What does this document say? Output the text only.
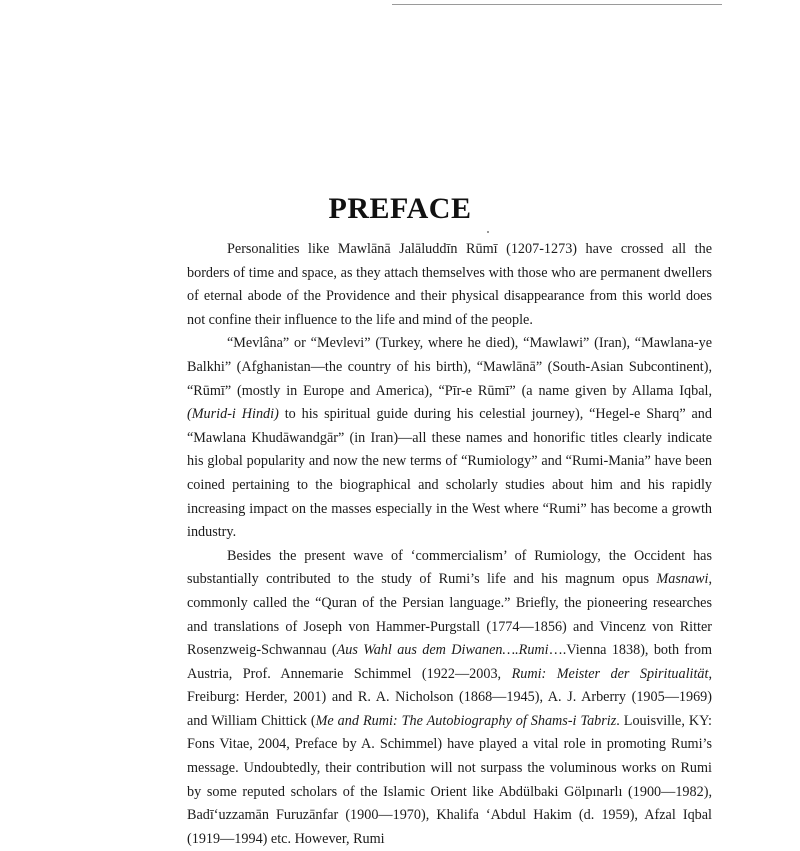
PREFACE

Personalities like Mawlānā Jalāluddīn Rūmī (1207-1273) have crossed all the borders of time and space, as they attach themselves with those who are permanent dwellers of eternal abode of the Providence and their physical disappearance from this world does not confine their influence to the life and mind of the people.

“Mevlâna” or “Mevlevi” (Turkey, where he died), “Mawlawi” (Iran), “Mawlana-ye Balkhi” (Afghanistan—the country of his birth), “Mawlānā” (South-Asian Subcontinent), “Rūmī” (mostly in Europe and America), “Pīr-e Rūmī” (a name given by Allama Iqbal, (Murid-i Hindi) to his spiritual guide during his celestial journey), “Hegel-e Sharq” and “Mawlana Khudāwandgār” (in Iran)—all these names and honorific titles clearly indicate his global popularity and now the new terms of “Rumiology” and “Rumi-Mania” have been coined pertaining to the biographical and scholarly studies about him and his rapidly increasing impact on the masses especially in the West where “Rumi” has become a growth industry.

Besides the present wave of ‘commercialism’ of Rumiology, the Occident has substantially contributed to the study of Rumi’s life and his magnum opus Masnawi, commonly called the “Quran of the Persian language.” Briefly, the pioneering researches and translations of Joseph von Hammer-Purgstall (1774—1856) and Vincenz von Ritter Rosenzweig-Schwannau (Aus Wahl aus dem Diwanen….Rumi….Vienna 1838), both from Austria, Prof. Annemarie Schimmel (1922—2003, Rumi: Meister der Spiritualität, Freiburg: Herder, 2001) and R. A. Nicholson (1868—1945), A. J. Arberry (1905—1969) and William Chittick (Me and Rumi: The Autobiography of Shams-i Tabriz. Louisville, KY: Fons Vitae, 2004, Preface by A. Schimmel) have played a vital role in promoting Rumi’s message. Undoubtedly, their contribution will not surpass the voluminous works on Rumi by some reputed scholars of the Islamic Orient like Abdülbaki Gölpınarlı (1900—1982), Badī‘uzzamān Furuzānfar (1900—1970), Khalifa ‘Abdul Hakim (d. 1959), Afzal Iqbal (1919—1994) etc. However, Rumi
